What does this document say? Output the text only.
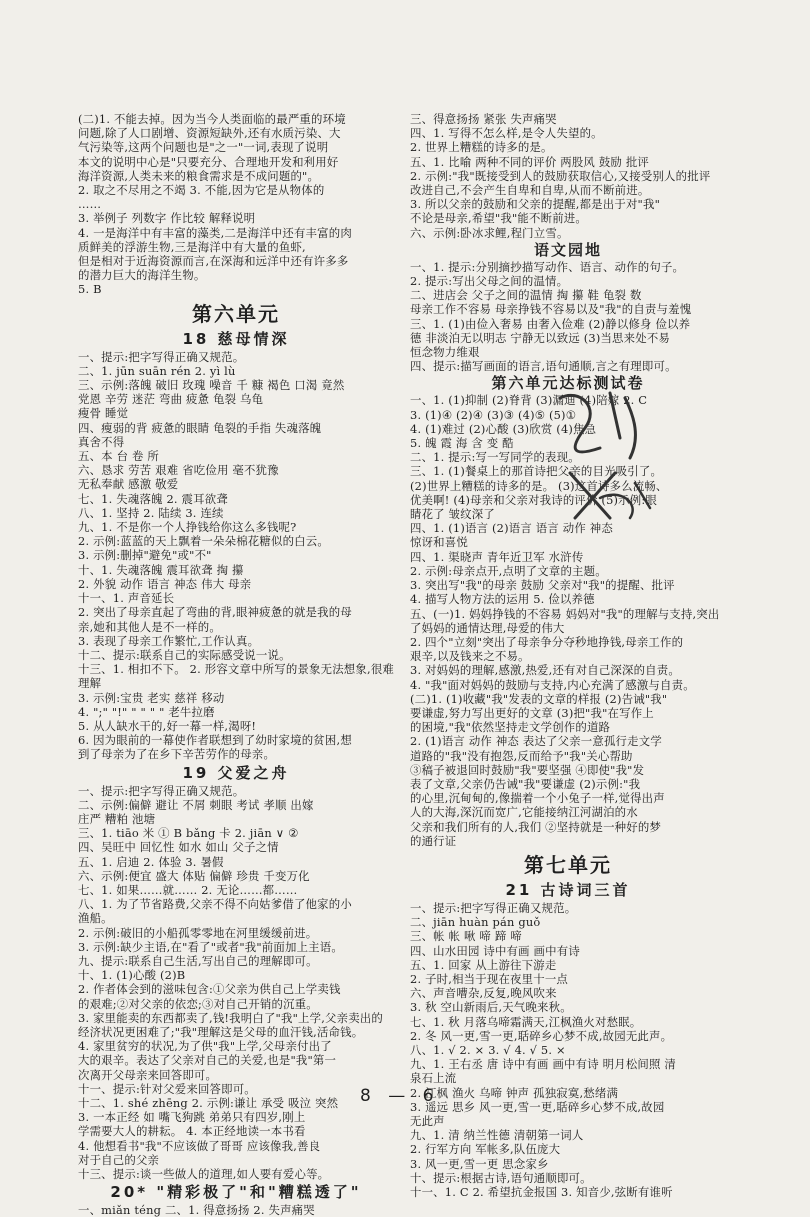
(二)1. 不能去掉。因为当今人类面临的最严重的环境
问题,除了人口剧增、资源短缺外,还有水质污染、大
气污染等,这两个问题也是"之一"一词,表现了说明
本文的说明中心是"只要充分、合理地开发和利用好
海洋资源,人类未来的粮食需求是不成问题的"。
2. 取之不尽用之不竭 3. 不能,因为它是从物体的
……
3. 举例子 列数字 作比较 解释说明
4. 一是海洋中有丰富的藻类,二是海洋中还有丰富的肉
质鲜美的浮游生物,三是海洋中有大量的鱼虾,
但是相对于近海资源而言,在深海和远洋中还有许多多
的潜力巨大的海洋生物。
5. B
第六单元
18 慈母情深
一、提示:把字写得正确又规范。
二、1. jūn suān rén 2. yì lù
三、示例:落魄 破旧 玫瑰 噪音 千 糠 褐色 口渴 竟然
党恩 辛劳 迷茫 弯曲 疲惫 龟裂 乌龟
瘦骨 睡觉
四、瘦弱的背 疲惫的眼睛 龟裂的手指 失魂落魄
真舍不得
五、本 台 卷 所
六、恳求 劳苦 艰难 省吃俭用 毫不犹豫
无私奉献 感激 敬爱
七、1. 失魂落魄 2. 震耳欲聋
八、1. 坚持 2. 陆续 3. 连续
九、1. 不是你一个人挣钱给你这么多钱呢?
2. 示例:蓝蓝的天上飘着一朵朵棉花糖似的白云。
3. 示例:删掉"避免"或"不"
十、1. 失魂落魄 震耳欲聋 掏 攥
2. 外貌 动作 语言 神态 伟大 母亲
十一、1. 声音延长
2. 突出了母亲直起了弯曲的背,眼神疲惫的就是我的母
亲,她和其他人是不一样的。
3. 表现了母亲工作繁忙,工作认真。
十二、提示:联系自己的实际感受说一说。
十三、1. 相扣不下。 2. 形容文章中所写的景象无法想象,很难
理解
3. 示例:宝贵 老实 慈祥 移动
4. ";" "!" " " " " 老牛拉磨
5. 从人缺水干的,好一幕一样,渴呀!
6. 因为眼前的一幕使作者联想到了幼时家境的贫困,想
到了母亲为了在乡下辛苦劳作的母亲。
19 父爱之舟
一、提示:把字写得正确又规范。
二、示例:偏僻 避让 不屑 刺眼 考试 孝顺 出嫁
庄严 糟粕 池塘
三、1. tiāo 米 ① B bǎng 卡 2. jiān ∨ ②
四、吴旺中 回忆性 如水 如山 父子之情
五、1. 启迪 2. 体验 3. 暑假
六、示例:便宜 盛大 体贴 偏僻 珍贵 千变万化
七、1. 如果……就…… 2. 无论……都……
八、1. 为了节省路费,父亲不得不向姑爹借了他家的小
渔船。
2. 示例:破旧的小船孤零零地在河里缓缓前进。
3. 示例:缺少主语,在"看了"或者"我"前面加上主语。
九、提示:联系自己生活,写出自己的理解即可。
十、1. (1)心酸 (2)B
2. 作者体会到的滋味包含:①父亲为供自己上学卖钱
的艰难;②对父亲的依恋;③对自己开销的沉重。
3. 家里能卖的东西都卖了,钱!我明白了"我"上学,父亲卖出的
经济状况更困难了;"我"理解这是父母的血汗钱,活命钱。
4. 家里贫穷的状况,为了供"我"上学,父母亲付出了
大的艰辛。表达了父亲对自己的关爱,也是"我"第一
次离开父母亲来回答即可。
十一、提示:针对父爱来回答即可。
十二、1. shé zhēng 2. 示例:谦让 承受 吸泣 突然
3. 一本正经 如 嘴飞狗跳 弟弟只有四岁,刚上
学需要大人的耕耘。 4. 本正经地读一本书看
4. 他想看书"我"不应该做了哥哥 应该像我,善良
对于自己的父亲
十三、提示:谈一些做人的道理,如人要有爱心等。
20* "精彩极了"和"糟糕透了"
一、miǎn téng 二、1. 得意扬扬 2. 失声痛哭
三、得意扬扬 紧张 失声痛哭
四、1. 写得不怎么样,是令人失望的。
2. 世界上糟糕的诗多的是。
五、1. 比喻 两种不同的评价 两股风 鼓励 批评
2. 示例:"我"既接受到人的鼓励获取信心,又接受别人的批评
改进自己,不会产生自卑和自卑,从而不断前进。
3. 所以父亲的鼓励和父亲的提醒,都是出于对"我"
不论是母亲,希望"我"能不断前进。
六、示例:卧冰求鲤,程门立雪。
语文园地
一、1. 提示:分别摘抄描写动作、语言、动作的句子。
2. 提示:写出父母之间的温情。
二、进店会 父子之间的温情 掏 攥 鞋 龟裂 数
母亲工作不容易 母亲挣钱不容易以及"我"的自责与羞愧
三、1. (1)由俭入奢易 由奢入俭难 (2)静以修身 俭以养
德 非淡泊无以明志 宁静无以致远 (3)当思来处不易
恒念物力维艰
四、提示:描写画面的语言,语句通顺,言之有理即可。
第六单元达标测试卷
一、1. (1)抑制 (2)脊背 (3)漏迪 (4)陪嫁 2. C
3. (1)④ (2)④ (3)③ (4)⑤ (5)①
4. (1)难过 (2)心酸 (3)欣赏 (4)焦急
5. 魄 霞 海 含 变 酷
二、1. 提示:写一写同学的表现。
三、1. (1)餐桌上的那首诗把父亲的目光吸引了。
(2)世界上糟糕的诗多的是。 (3)这首诗多么流畅、
优美啊! (4)母亲和父亲对我诗的评价 (5)示例:眼
睛花了 皱纹深了
四、1. (1)语言 (2)语言 语言 动作 神态
惊讶和喜悦
四、1. 渠晓声 青年近卫军 水浒传
2. 示例:母亲点开,点明了文章的主题。
3. 突出写"我"的母亲 鼓励 父亲对"我"的提醒、批评
4. 描写人物方法的运用 5. 俭以养德
五、(一)1. 妈妈挣钱的不容易 妈妈对"我"的理解与支持,突出
了妈妈的通情达理,母爱的伟大
2. 四个"立刻"突出了母亲争分夺秒地挣钱,母亲工作的
艰辛,以及钱来之不易。
3. 对妈妈的理解,感激,热爱,还有对自己深深的自责。
4. "我"面对妈妈的鼓励与支持,内心充满了感激与自责。
(二)1. (1)收藏"我"发表的文章的样报 (2)告诫"我"
要谦虚,努力写出更好的文章 (3)把"我"在写作上
的困境,"我"依然坚持走文学创作的道路
2. (1)语言 动作 神态 表达了父亲一意孤行走文学
道路的"我"没有抱怨,反而给予"我"关心帮助
③稿子被退回时鼓励"我"要坚强 ④即使"我"发
表了文章,父亲仍告诫"我"要谦虚 (2)示例:"我
的心里,沉甸甸的,像揣着一个小兔子一样,觉得出声
人的大海,深沉而宽广,它能接纳江河湖泊的水
父亲和我们所有的人,我们 ②坚持就是一种好的梦
的通行证
第七单元
21 古诗词三首
一、提示:把字写得正确又规范。
二、jiān huàn pán guǒ
三、帐 帐 啾 啼 蹄 啼
四、山水田园 诗中有画 画中有诗
五、1. 回家 从上游往下游走
2. 子时,相当于现在夜里十一点
六、声音嘈杂,反复,晚风吹来
3. 秋 空山新雨后,天气晚来秋。
七、1. 秋 月落乌啼霜满天,江枫渔火对愁眠。
2. 冬 风一更,雪一更,聒碎乡心梦不成,故园无此声。
八、1. √ 2. × 3. √ 4. √ 5. ×
九、1. 王右丞 唐 诗中有画 画中有诗 明月松间照 清
泉石上流
2. 江枫 渔火 乌啼 钟声 孤独寂寞,愁绪满
3. 遥远 思乡 风一更,雪一更,聒碎乡心梦不成,故园
无此声
九、1. 清 纳兰性德 清朝第一词人
2. 行军方向 军帐多,队伍庞大
3. 风一更,雪一更 思念家乡
十、提示:根据古诗,语句通顺即可。
十一、1. C 2. 希望抗金报国 3. 知音少,弦断有谁听
8 — 6
